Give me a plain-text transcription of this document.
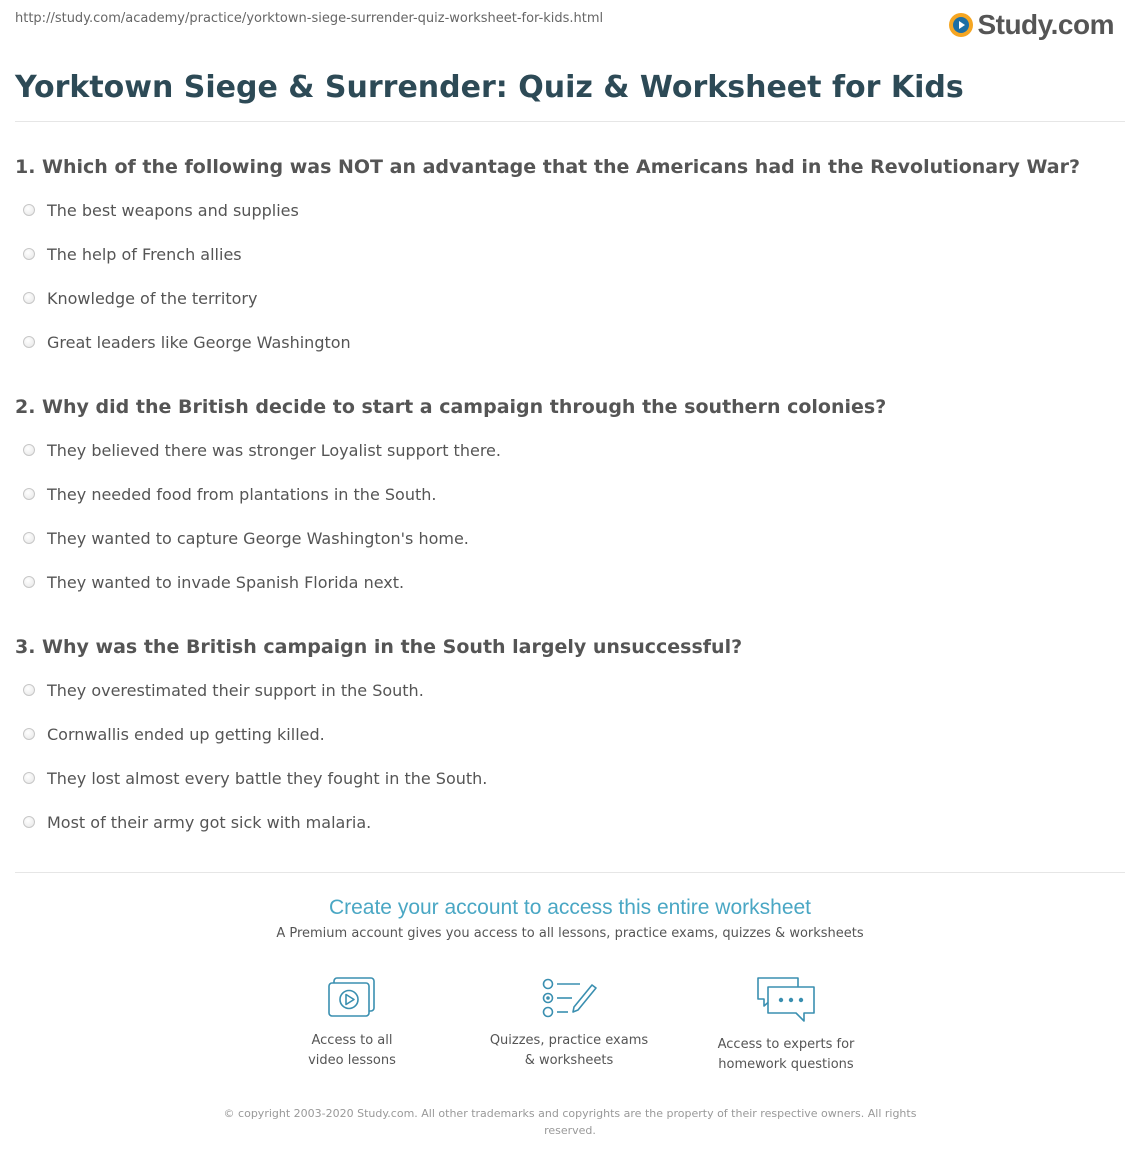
http://study.com/academy/practice/yorktown-siege-surrender-quiz-worksheet-for-kids.html	Study.com
Yorktown Siege & Surrender: Quiz & Worksheet for Kids
1. Which of the following was NOT an advantage that the Americans had in the Revolutionary War?
The best weapons and supplies
The help of French allies
Knowledge of the territory
Great leaders like George Washington
2. Why did the British decide to start a campaign through the southern colonies?
They believed there was stronger Loyalist support there.
They needed food from plantations in the South.
They wanted to capture George Washington's home.
They wanted to invade Spanish Florida next.
3. Why was the British campaign in the South largely unsuccessful?
They overestimated their support in the South.
Cornwallis ended up getting killed.
They lost almost every battle they fought in the South.
Most of their army got sick with malaria.
Create your account to access this entire worksheet
A Premium account gives you access to all lessons, practice exams, quizzes & worksheets
Access to all
video lessons
Quizzes, practice exams
& worksheets
Access to experts for
homework questions
© copyright 2003-2020 Study.com. All other trademarks and copyrights are the property of their respective owners. All rights reserved.
